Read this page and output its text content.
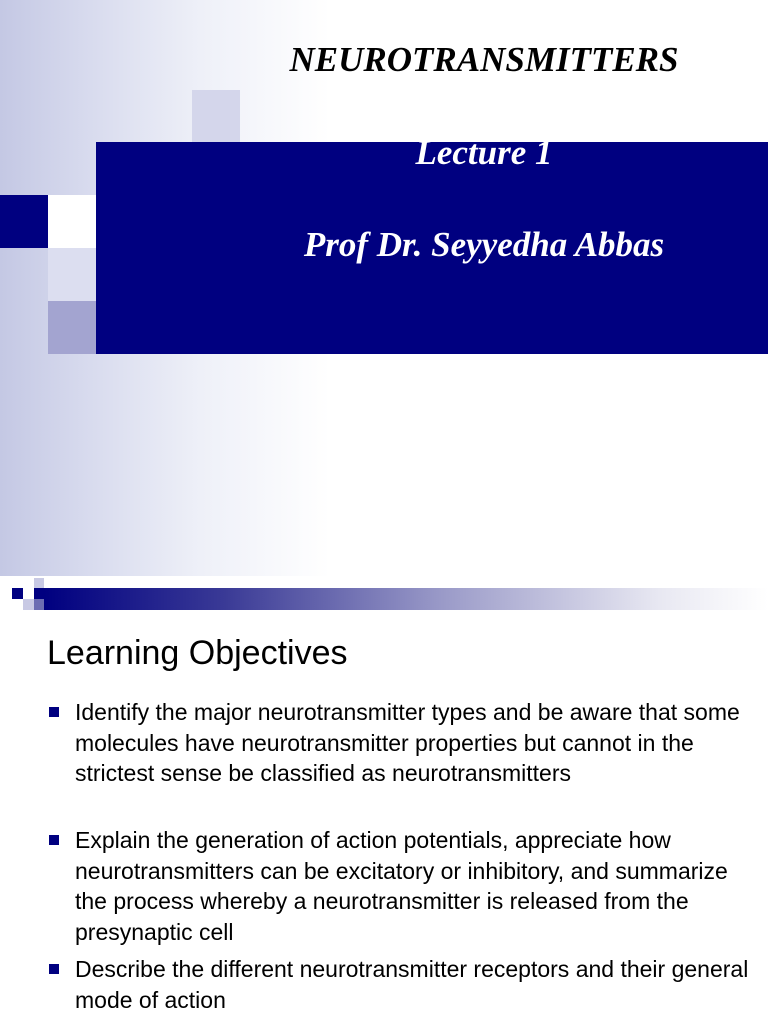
NEUROTRANSMITTERS
Lecture 1
Prof Dr. Seyyedha Abbas
Learning Objectives
Identify the major neurotransmitter types and be aware that some molecules have neurotransmitter properties but cannot in the strictest sense be classified as neurotransmitters
Explain the generation of action potentials, appreciate how neurotransmitters can be excitatory or inhibitory, and summarize the process whereby a neurotransmitter is released from the presynaptic cell
Describe the different neurotransmitter receptors and their general mode of action
